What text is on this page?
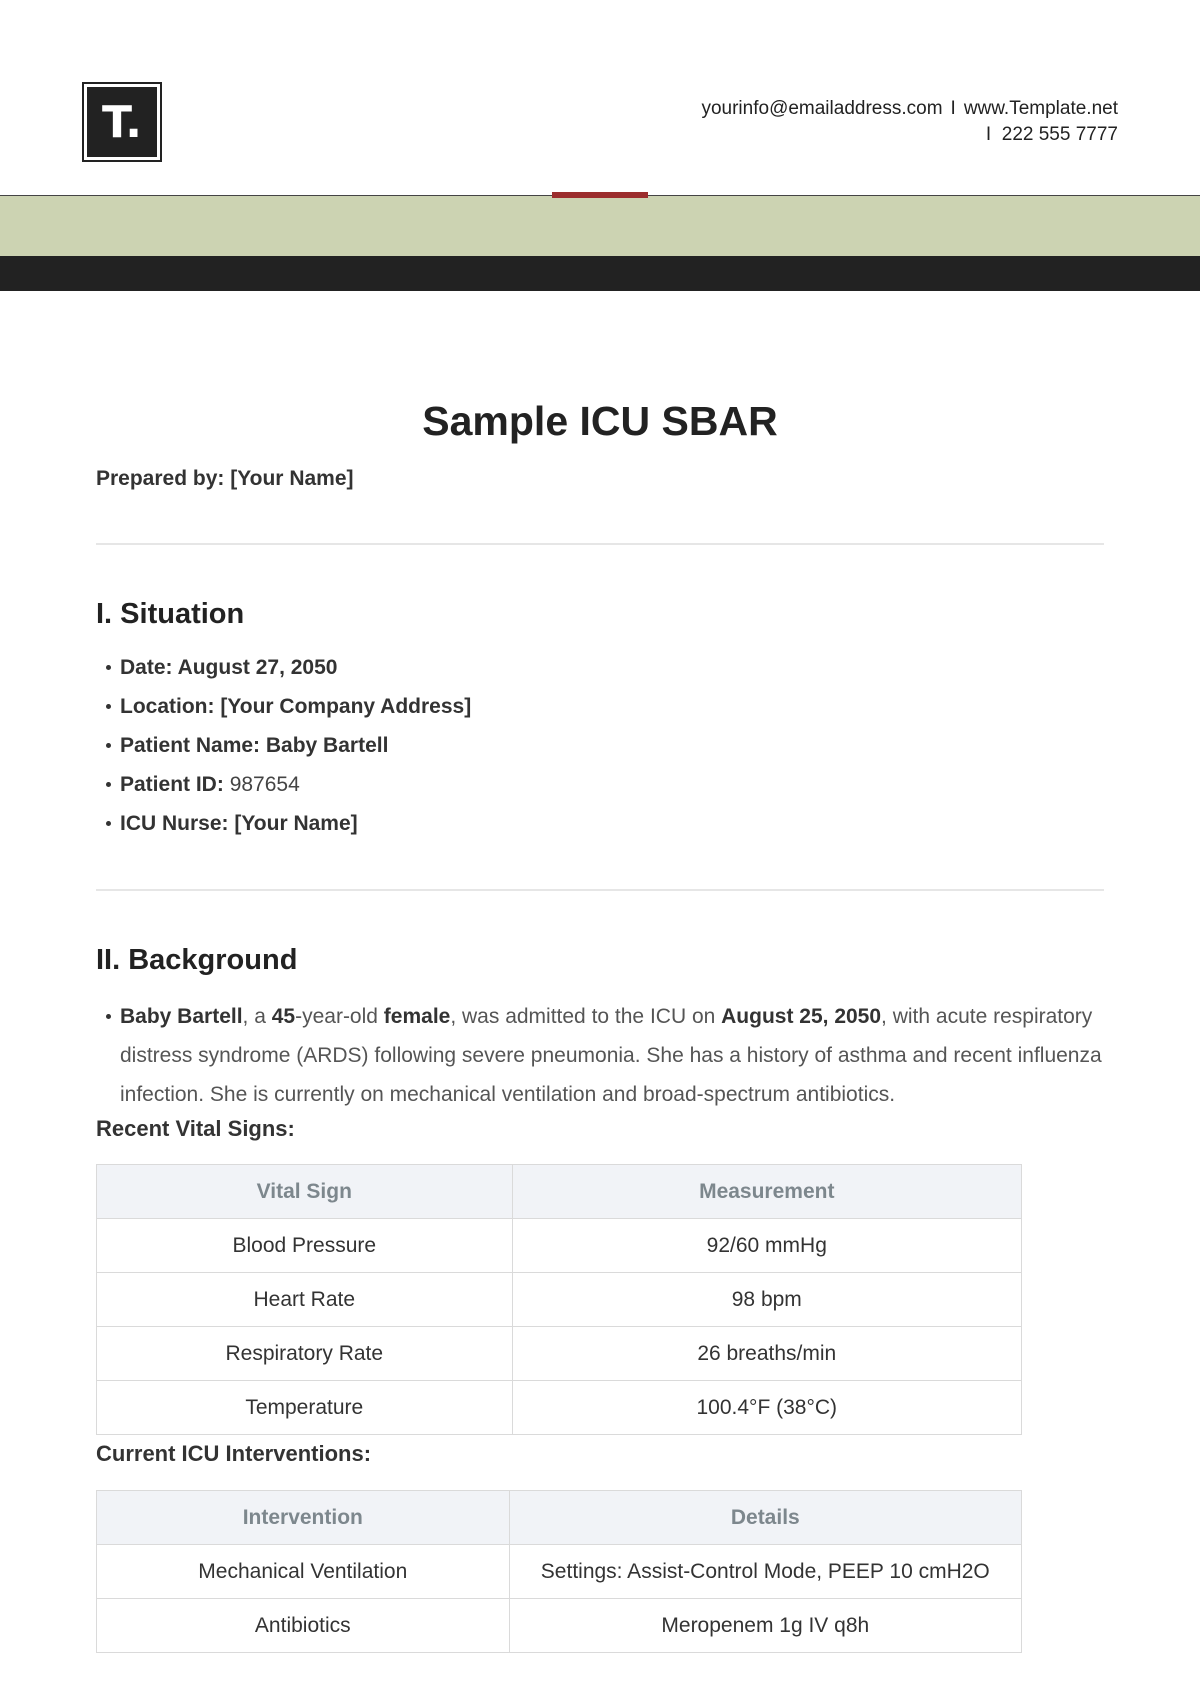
T.	yourinfo@emailaddress.com I www.Template.net
I 222 555 7777
Sample ICU SBAR
Prepared by: [Your Name]
I. Situation
Date: August 27, 2050
Location: [Your Company Address]
Patient Name: Baby Bartell
Patient ID: 987654
ICU Nurse: [Your Name]
II. Background
Baby Bartell, a 45-year-old female, was admitted to the ICU on August 25, 2050, with acute respiratory distress syndrome (ARDS) following severe pneumonia. She has a history of asthma and recent influenza infection. She is currently on mechanical ventilation and broad-spectrum antibiotics.
Recent Vital Signs:
Vital Sign	Measurement
Blood Pressure	92/60 mmHg
Heart Rate	98 bpm
Respiratory Rate	26 breaths/min
Temperature	100.4°F (38°C)
Current ICU Interventions:
Intervention	Details
Mechanical Ventilation	Settings: Assist-Control Mode, PEEP 10 cmH2O
Antibiotics	Meropenem 1g IV q8h
